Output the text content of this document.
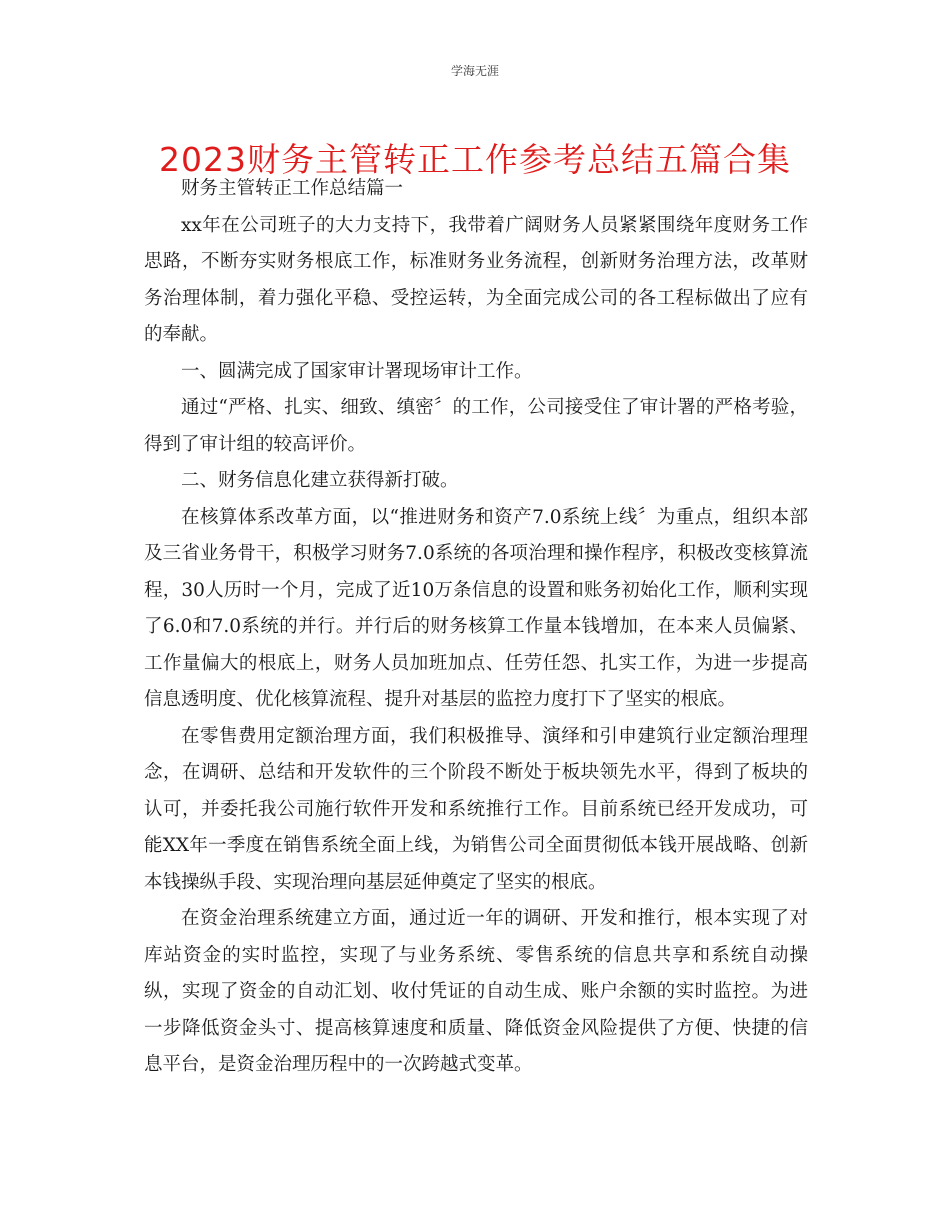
学海无涯
2023财务主管转正工作参考总结五篇合集

财务主管转正工作总结篇一

xx年在公司班子的大力支持下，我带着广阔财务人员紧紧围绕年度财务工作思路，不断夯实财务根底工作，标准财务业务流程，创新财务治理方法，改革财务治理体制，着力强化平稳、受控运转，为全面完成公司的各工程标做出了应有的奉献。

一、圆满完成了国家审计署现场审计工作。

通过“严格、扎实、细致、缜密〞的工作，公司接受住了审计署的严格考验，得到了审计组的较高评价。

二、财务信息化建立获得新打破。

在核算体系改革方面，以“推进财务和资产7.0系统上线〞为重点，组织本部及三省业务骨干，积极学习财务7.0系统的各项治理和操作程序，积极改变核算流程，30人历时一个月，完成了近10万条信息的设置和账务初始化工作，顺利实现了6.0和7.0系统的并行。并行后的财务核算工作量本钱增加，在本来人员偏紧、工作量偏大的根底上，财务人员加班加点、任劳任怨、扎实工作，为进一步提高信息透明度、优化核算流程、提升对基层的监控力度打下了坚实的根底。

在零售费用定额治理方面，我们积极推导、演绎和引申建筑行业定额治理理念，在调研、总结和开发软件的三个阶段不断处于板块领先水平，得到了板块的认可，并委托我公司施行软件开发和系统推行工作。目前系统已经开发成功，可能XX年一季度在销售系统全面上线，为销售公司全面贯彻低本钱开展战略、创新本钱操纵手段、实现治理向基层延伸奠定了坚实的根底。

在资金治理系统建立方面，通过近一年的调研、开发和推行，根本实现了对库站资金的实时监控，实现了与业务系统、零售系统的信息共享和系统自动操纵，实现了资金的自动汇划、收付凭证的自动生成、账户余额的实时监控。为进一步降低资金头寸、提高核算速度和质量、降低资金风险提供了方便、快捷的信息平台，是资金治理历程中的一次跨越式变革。
